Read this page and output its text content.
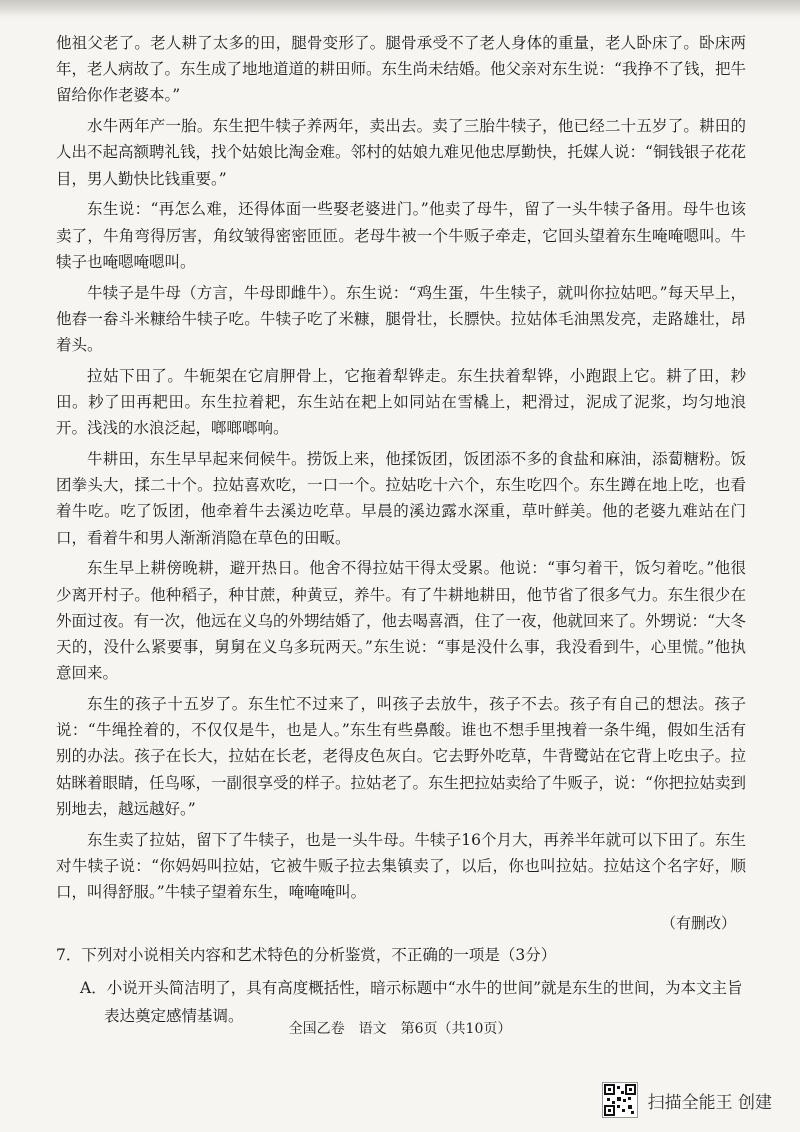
他祖父老了。老人耕了太多的田，腿骨变形了。腿骨承受不了老人身体的重量，老人卧床了。卧床两年，老人病故了。东生成了地地道道的耕田师。东生尚未结婚。他父亲对东生说：“我挣不了钱，把牛留给你作老婆本。”

水牛两年产一胎。东生把牛犊子养两年，卖出去。卖了三胎牛犊子，他已经二十五岁了。耕田的人出不起高额聘礼钱，找个姑娘比淘金难。邻村的姑娘九难见他忠厚勤快，托媒人说：“铜钱银子花花目，男人勤快比钱重要。”

东生说：“再怎么难，还得体面一些娶老婆进门。”他卖了母牛，留了一头牛犊子备用。母牛也该卖了，牛角弯得厉害，角纹皱得密密匝匝。老母牛被一个牛贩子牵走，它回头望着东生唵唵嗯叫。牛犊子也唵嗯唵嗯叫。

牛犊子是牛母（方言，牛母即雌牛）。东生说：“鸡生蛋，牛生犊子，就叫你拉姑吧。”每天早上，他舂一畚斗米糠给牛犊子吃。牛犊子吃了米糠，腿骨壮，长膘快。拉姑体毛油黑发亮，走路雄壮，昂着头。

拉姑下田了。牛轭架在它肩胛骨上，它拖着犁铧走。东生扶着犁铧，小跑跟上它。耕了田，耖田。耖了田再耙田。东生拉着耙，东生站在耙上如同站在雪橇上，耙滑过，泥成了泥浆，均匀地浪开。浅浅的水浪泛起，啷啷啷响。

牛耕田，东生早早起来伺候牛。捞饭上来，他揉饭团，饭团添不多的食盐和麻油，添蔔糖粉。饭团拳头大，揉二十个。拉姑喜欢吃，一口一个。拉姑吃十六个，东生吃四个。东生蹲在地上吃，也看着牛吃。吃了饭团，他牵着牛去溪边吃草。早晨的溪边露水深重，草叶鲜美。他的老婆九难站在门口，看着牛和男人渐渐消隐在草色的田畈。

东生早上耕傍晚耕，避开热日。他舍不得拉姑干得太受累。他说：“事匀着干，饭匀着吃。”他很少离开村子。他种稻子，种甘蔗，种黄豆，养牛。有了牛耕地耕田，他节省了很多气力。东生很少在外面过夜。有一次，他远在义乌的外甥结婚了，他去喝喜酒，住了一夜，他就回来了。外甥说：“大冬天的，没什么紧要事，舅舅在义乌多玩两天。”东生说：“事是没什么事，我没看到牛，心里慌。”他执意回来。

东生的孩子十五岁了。东生忙不过来了，叫孩子去放牛，孩子不去。孩子有自己的想法。孩子说：“牛绳拴着的，不仅仅是牛，也是人。”东生有些鼻酸。谁也不想手里拽着一条牛绳，假如生活有别的办法。孩子在长大，拉姑在长老，老得皮色灰白。它去野外吃草，牛背鹭站在它背上吃虫子。拉姑眯着眼睛，任鸟啄，一副很享受的样子。拉姑老了。东生把拉姑卖给了牛贩子，说：“你把拉姑卖到别地去，越远越好。”

东生卖了拉姑，留下了牛犊子，也是一头牛母。牛犊子16个月大，再养半年就可以下田了。东生对牛犊子说：“你妈妈叫拉姑，它被牛贩子拉去集镇卖了，以后，你也叫拉姑。拉姑这个名字好，顺口，叫得舒服。”牛犊子望着东生，唵唵唵叫。

（有删改）
7．下列对小说相关内容和艺术特色的分析鉴赏，不正确的一项是（3分）
A．小说开头简洁明了，具有高度概括性，暗示标题中“水牛的世间”就是东生的世间，为本文主旨表达奠定感情基调。
全国乙卷　语文　第6页（共10页）
扫描全能王 创建
